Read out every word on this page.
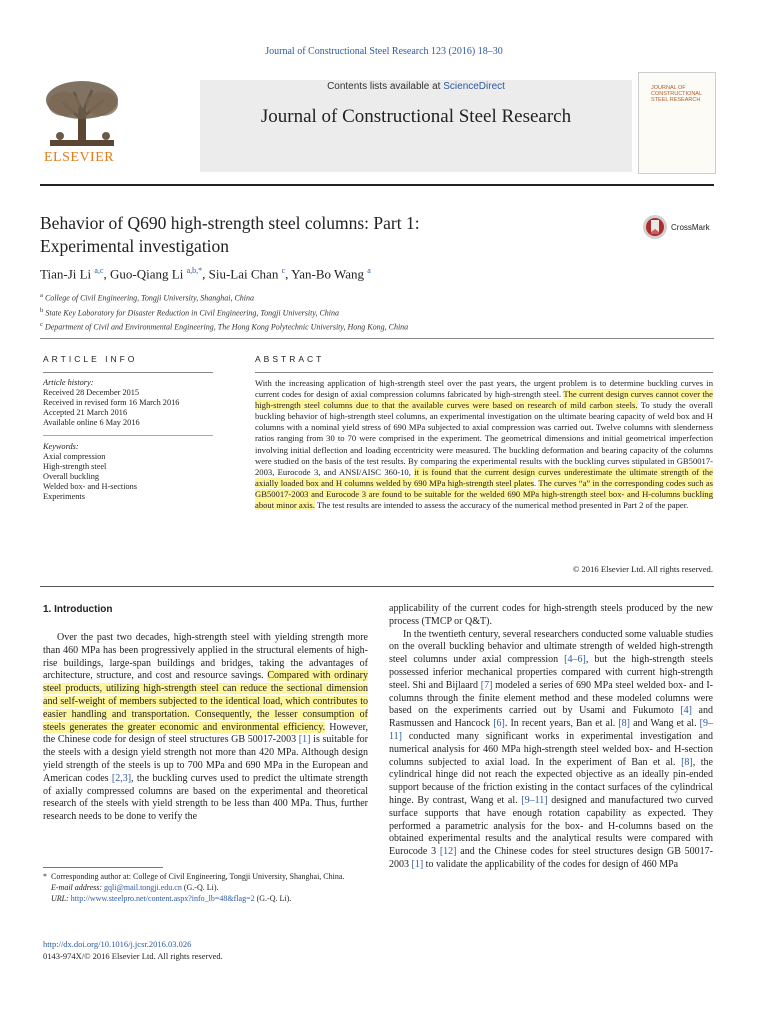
Journal of Constructional Steel Research 123 (2016) 18–30
ELSEVIER
Contents lists available at ScienceDirect
Journal of Constructional Steel Research
JOURNAL OF
CONSTRUCTIONAL
STEEL RESEARCH
Behavior of Q690 high-strength steel columns: Part 1:
Experimental investigation
CrossMark
Tian-Ji Li $^{a,c}$, Guo-Qiang Li $^{a,b,*}$, Siu-Lai Chan $^c$, Yan-Bo Wang $^a$
$^a$ College of Civil Engineering, Tongji University, Shanghai, China
$^b$ State Key Laboratory for Disaster Reduction in Civil Engineering, Tongji University, China
$^c$ Department of Civil and Environmental Engineering, The Hong Kong Polytechnic University, Hong Kong, China
ARTICLE INFO	ABSTRACT
Article history:
Received 28 December 2015
Received in revised form 16 March 2016
Accepted 21 March 2016
Available online 6 May 2016
Keywords:
Axial compression
High-strength steel
Overall buckling
Welded box- and H-sections
Experiments
With the increasing application of high-strength steel over the past years, the urgent problem is to determine buckling curves in current codes for design of axial compression columns fabricated by high-strength steel. The current design curves cannot cover the high-strength steel columns due to that the available curves were based on research of mild carbon steels. To study the overall buckling behavior of high-strength steel columns, an experimental investigation on the ultimate bearing capacity of weld box and H columns with a nominal yield stress of 690 MPa subjected to axial compression was carried out. Twelve columns with slenderness ratios ranging from 30 to 70 were comprised in the experiment. The geometrical dimensions and initial geometrical imperfection involving initial deflection and loading eccentricity were measured. The buckling deformation and bearing capacity of the columns were studied on the basis of the test results. By comparing the experimental results with the buckling curves stipulated in GB50017-2003, Eurocode 3, and ANSI/AISC 360-10, it is found that the current design curves underestimate the ultimate strength of the axially loaded box and H columns welded by 690 MPa high-strength steel plates. The curves “a” in the corresponding codes such as GB50017-2003 and Eurocode 3 are found to be suitable for the welded 690 MPa high-strength steel box- and H-columns buckling about minor axis. The test results are intended to assess the accuracy of the numerical method presented in Part 2 of the paper.
© 2016 Elsevier Ltd. All rights reserved.
1. Introduction
Over the past two decades, high-strength steel with yielding strength more than 460 MPa has been progressively applied in the structural elements of high-rise buildings, large-span buildings and bridges, taking the advantages of architecture, structure, and cost and resource savings. Compared with ordinary steel products, utilizing high-strength steel can reduce the sectional dimension and self-weight of members subjected to the identical load, which contributes to easier handling and transportation. Consequently, the lesser consumption of steels generates the greater economic and environmental efficiency. However, the Chinese code for design of steel structures GB 50017-2003 [1] is suitable for the steels with a design yield strength not more than 420 MPa. Although design yield strength of the steels is up to 700 MPa and 690 MPa in the European and American codes [2,3], the buckling curves used to predict the ultimate strength of axially compressed columns are based on the experimental and theoretical research of the steels with yield strength to be less than 400 MPa. Thus, further research needs to be done to verify the
applicability of the current codes for high-strength steels produced by the new process (TMCP or Q&T).
In the twentieth century, several researchers conducted some valuable studies on the overall buckling behavior and ultimate strength of welded high-strength steel columns under axial compression [4–6], but the high-strength steels possessed inferior mechanical properties compared with current high-strength steel. Shi and Bijlaard [7] modeled a series of 690 MPa steel welded box- and I-columns through the finite element method and these modeled columns were based on the experiments carried out by Usami and Fukumoto [4] and Rasmussen and Hancock [6]. In recent years, Ban et al. [8] and Wang et al. [9–11] conducted many significant works in experimental investigation and numerical analysis for 460 MPa high-strength steel welded box- and H-section columns subjected to axial load. In the experiment of Ban et al. [8], the cylindrical hinge did not reach the expected objective as an ideally pin-ended support because of the friction existing in the contact surfaces of the cylindrical hinge. By contrast, Wang et al. [9–11] designed and manufactured two curved surface supports that have enough rotation capability as expected. They performed a parametric analysis for the box- and H-columns based on the obtained experimental results and the analytical results were compared with Eurocode 3 [12] and the Chinese codes for steel structures design GB 50017-2003 [1] to validate the applicability of the codes for design of 460 MPa
* Corresponding author at: College of Civil Engineering, Tongji University, Shanghai, China.
E-mail address: gqli@mail.tongji.edu.cn (G.-Q. Li).
URL: http://www.steelpro.net/content.aspx?info_lb=48&flag=2 (G.-Q. Li).
http://dx.doi.org/10.1016/j.jcsr.2016.03.026
0143-974X/© 2016 Elsevier Ltd. All rights reserved.
